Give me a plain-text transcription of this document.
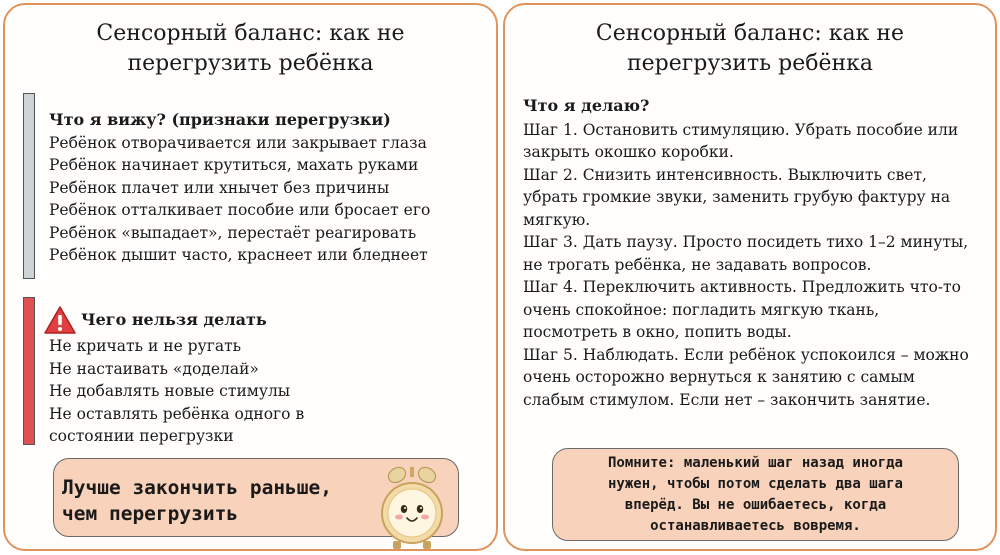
Сенсорный баланс: как не
перегрузить ребёнка
Что я вижу? (признаки перегрузки)
Ребёнок отворачивается или закрывает глаза
Ребёнок начинает крутиться, махать руками
Ребёнок плачет или хнычет без причины
Ребёнок отталкивает пособие или бросает его
Ребёнок «выпадает», перестаёт реагировать
Ребёнок дышит часто, краснеет или бледнеет
Чего нельзя делать
Не кричать и не ругать
Не настаивать «доделай»
Не добавлять новые стимулы
Не оставлять ребёнка одного в
состоянии перегрузки
Лучше закончить раньше,
чем перегрузить
Сенсорный баланс: как не
перегрузить ребёнка
Что я делаю?
Шаг 1. Остановить стимуляцию. Убрать пособие или закрыть окошко коробки.
Шаг 2. Снизить интенсивность. Выключить свет, убрать громкие звуки, заменить грубую фактуру на мягкую.
Шаг 3. Дать паузу. Просто посидеть тихо 1–2 минуты, не трогать ребёнка, не задавать вопросов.
Шаг 4. Переключить активность. Предложить что-то очень спокойное: погладить мягкую ткань, посмотреть в окно, попить воды.
Шаг 5. Наблюдать. Если ребёнок успокоился – можно очень осторожно вернуться к занятию с самым слабым стимулом. Если нет – закончить занятие.
Помните: маленький шаг назад иногда
нужен, чтобы потом сделать два шага
вперёд. Вы не ошибаетесь, когда
останавливаетесь вовремя.
